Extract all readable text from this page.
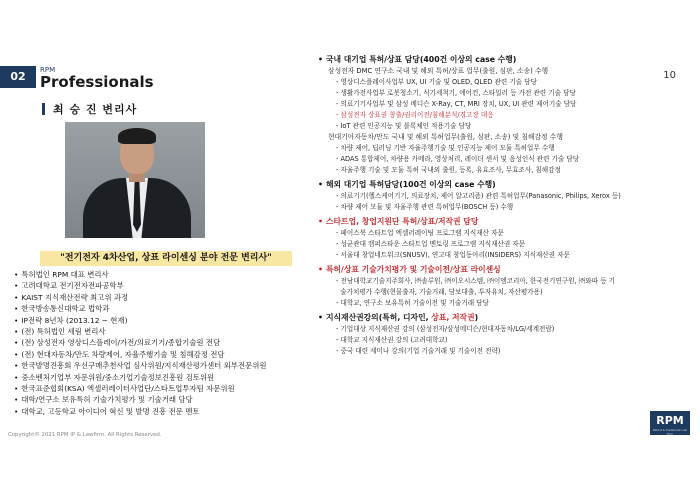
02	RPM
Professionals	10
최 승 진 변리사
"전기전자 4차산업, 상표 라이센싱 분야 전문 변리사"
• 특허법인 RPM 대표 변리사
• 고려대학교 전기전자전파공학부
• KAIST 지식재산전략 최고위 과정
• 한국방송통신대학교 법학과
• IP전략 8년차 (2013.12 ~ 현재)
• (전) 특허법인 세림 변리사
• (전) 삼성전자 영상디스플레이/가전/의료기기/종합기술원 전담
• (전) 현대자동차/만도 차량제어, 자율주행기술 및 침해감정 전담
• 한국발명진흥회 우선구매추천사업 심사위원/지식재산평가센터 외부전문위원
• 중소벤처기업부 자문위원/중소기업기술정보진흥원 검토위원
• 한국표준협회(KSA) 엑셀러레이터사업단/스타트업투자팀 자문위원
• 대학/연구소 보유특허 기술가치평가 및 기술거래 담당
• 대학교, 고등학교 아이디어 혁신 및 발명 진흥 전문 멘토
Copyright© 2021 RPM IP & Lawfirm. All Rights Reserved.
• 국내 대기업 특허/상표 담당(400건 이상의 case 수행)
삼성전자 DMC 연구소 국내 및 해외 특허/상표 업무(출원, 심판, 소송) 수행
- 영상디스플레이사업부 UX, UI 기술 및 OLED, QLED 관련 기술 담당
- 생활가전사업부 로봇청소기, 식기세척기, 에어컨, 스타일러 등 가전 관련 기술 담당
- 의료기기사업부 및 삼성 메디슨 X-Ray, CT, MRI 장치, UX, UI 관련 제어기술 담당
- 삼성전자 상표권 창출/권리이전/침해분석/경고장 대응
- IoT 관련 인공지능 및 블록체인 적용기술 담당
현대기아자동차/만도 국내 및 해외 특허업무(출원, 심판, 소송) 및 침해감정 수행
- 차량 제어, 딥러닝 기반 자율주행기술 및 인공지능 제어 모듈 특허업무 수행
- ADAS 통합제어, 차량용 카메라, 영상처리, 레이더 센서 및 음성인식 관련 기술 담당
- 자율주행 기술 및 모듈 특허 국내외 출원, 등록, 유효조사, 무효조사, 침해감정
• 해외 대기업 특허담당(100건 이상의 case 수행)
- 의료기기(헬스케어기기, 의료장치, 제어 알고리즘) 관련 특허업무(Panasonic, Philips, Xerox 등)
- 차량 제어 모듈 및 자율주행 관련 특허업무(BOSCH 등) 수행
• 스타트업, 창업지원단 특허/상표/저작권 담당
- 페이스북 스타트업 엑셀러레이팅 프로그램 지식재산 자문
- 성균관대 캠퍼스타운 스타트업 멘토링 프로그램 지식재산권 자문
- 서울대 창업네트워크(SNUSV), 연고대 창업동아리(INSIDERS) 지식재산권 자문
• 특허/상표 기술가치평가 및 기술이전/상표 라이센싱
- 전남대학교기술지주회사, ㈜솔루원, ㈜이오시스템, ㈜이엠코리아, 한국전기연구원, ㈜와따 등 기
술가치평가 수행(현물출자, 기술거래, 담보대출, 투자유치, 자산평가용)
- 대학교, 연구소 보유특허 기술이전 및 기술거래 담당
• 지식재산권강의(특허, 디자인, 상표, 저작권)
- 기업대상 지식재산권 강의 (삼성전자/삼성메디슨/현대자동차/LG/세계전람)
- 대학교 지식재산권 강의 (고려대학교)
- 중국 대련 세미나 강의(기업 기술거래 및 기술이전 전략)
RPM
Patent & Trademark Law Firm
